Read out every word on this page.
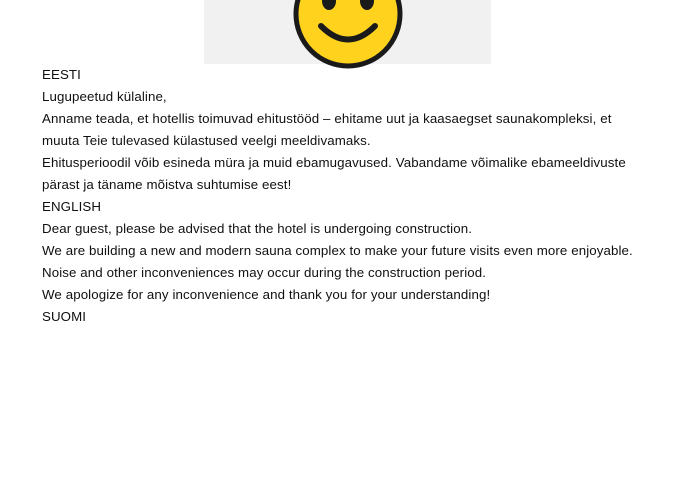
EESTI

Lugupeetud külaline,

Anname teada, et hotellis toimuvad ehitustööd – ehitame uut ja kaasaegset saunakompleksi, et muuta Teie tulevased külastused veelgi meeldivamaks.

Ehitusperioodil võib esineda müra ja muid ebamugavused. Vabandame võimalike ebameeldivuste pärast ja täname mõistva suhtumise eest!

ENGLISH

Dear guest, please be advised that the hotel is undergoing construction.

We are building a new and modern sauna complex to make your future visits even more enjoyable. Noise and other inconveniences may occur during the construction period.

We apologize for any inconvenience and thank you for your understanding!

SUOMI
